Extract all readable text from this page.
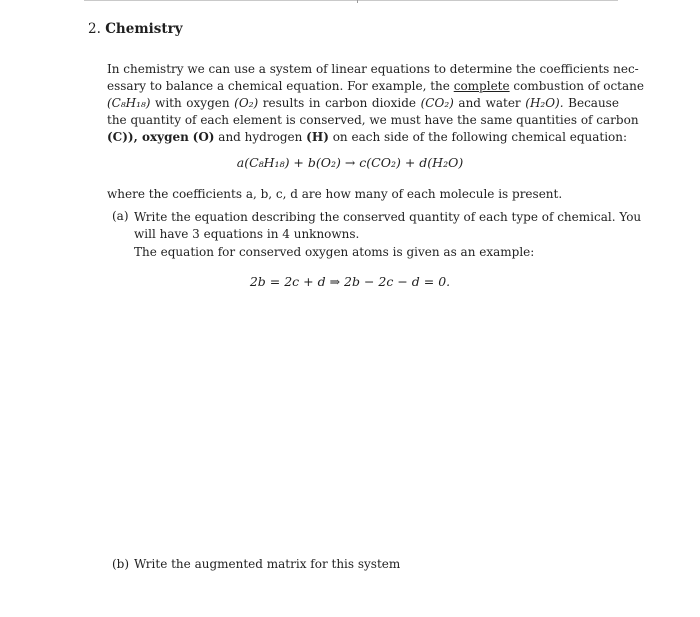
2. Chemistry
In chemistry we can use a system of linear equations to determine the coefficients nec-
essary to balance a chemical equation. For example, the complete combustion of octane
(C₈H₁₈) with oxygen (O₂) results in carbon dioxide (CO₂) and water (H₂O). Because
the quantity of each element is conserved, we must have the same quantities of carbon
(C)), oxygen (O) and hydrogen (H) on each side of the following chemical equation:
a(C₈H₁₈) + b(O₂) → c(CO₂) + d(H₂O)
where the coefficients a, b, c, d are how many of each molecule is present.
(a) Write the equation describing the conserved quantity of each type of chemical. You
will have 3 equations in 4 unknowns.
The equation for conserved oxygen atoms is given as an example:
2b = 2c + d ⇒ 2b − 2c − d = 0.
(b) Write the augmented matrix for this system
